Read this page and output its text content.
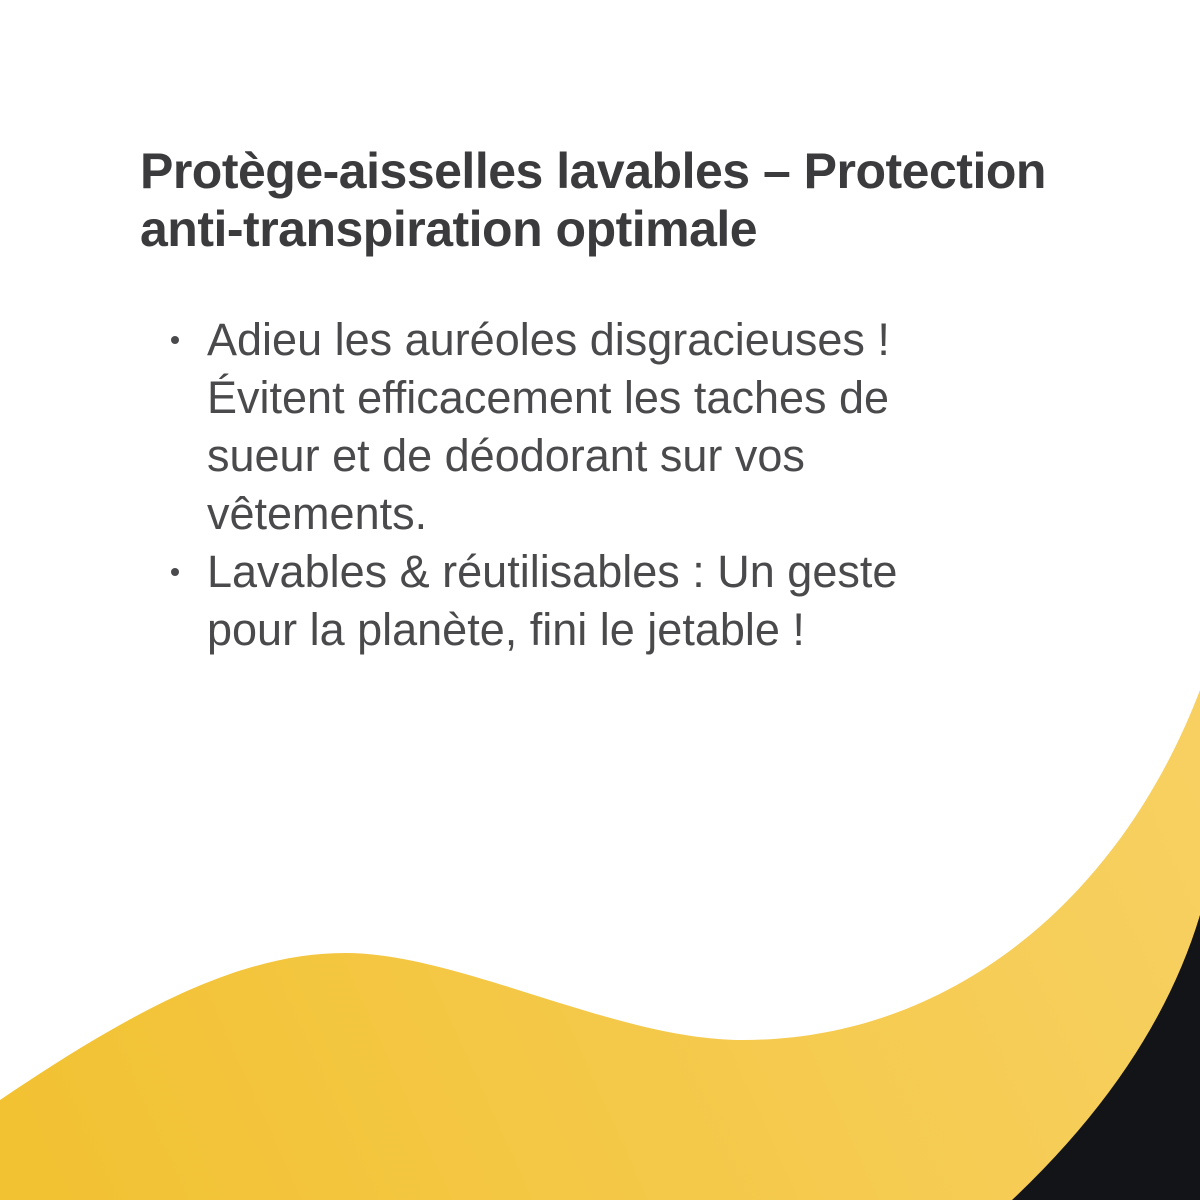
Protège-aisselles lavables – Protection anti-transpiration optimale
Adieu les auréoles disgracieuses ! Évitent efficacement les taches de sueur et de déodorant sur vos vêtements.
Lavables & réutilisables : Un geste pour la planète, fini le jetable !
